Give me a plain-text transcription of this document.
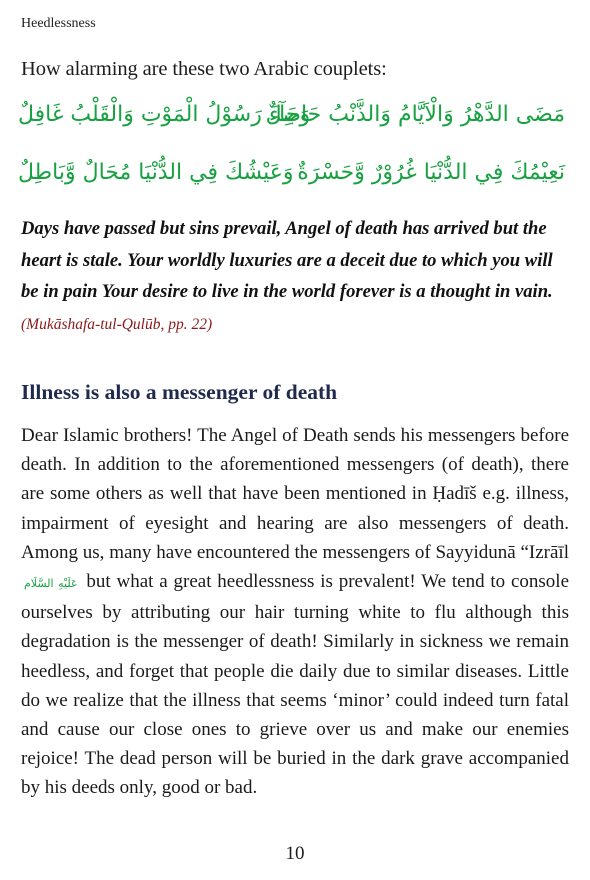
Heedlessness
How alarming are these two Arabic couplets:
مَضَى الدَّهْرُ وَالْاَيَّامُ وَالذَّنْبُ حَاصِلٌ
وَجَآءَ رَسُوْلُ الْمَوْتِ وَالْقَلْبُ غَافِلٌ
نَعِيْمُكَ فِي الدُّنْيَا غُرُوْرٌ وَّحَسْرَةٌ
وَعَيْشُكَ فِي الدُّنْيَا مُحَالٌ وَّبَاطِلٌ
Days have passed but sins prevail, Angel of death has arrived but the heart is stale. Your worldly luxuries are a deceit due to which you will be in pain Your desire to live in the world forever is a thought in vain. (Mukāshafa-tul-Qulūb, pp. 22)
Illness is also a messenger of death
Dear Islamic brothers! The Angel of Death sends his messengers before death. In addition to the aforementioned messengers (of death), there are some others as well that have been mentioned in Ḥadīš e.g. illness, impairment of eyesight and hearing are also messengers of death. Among us, many have encountered the messengers of Sayyidunā “Izrāīl عَلَيْهِ السَّلَام but what a great heedlessness is prevalent! We tend to console ourselves by attributing our hair turning white to flu although this degradation is the messenger of death! Similarly in sickness we remain heedless, and forget that people die daily due to similar diseases. Little do we realize that the illness that seems ‘minor’ could indeed turn fatal and cause our close ones to grieve over us and make our enemies rejoice! The dead person will be buried in the dark grave accompanied by his deeds only, good or bad.
10
